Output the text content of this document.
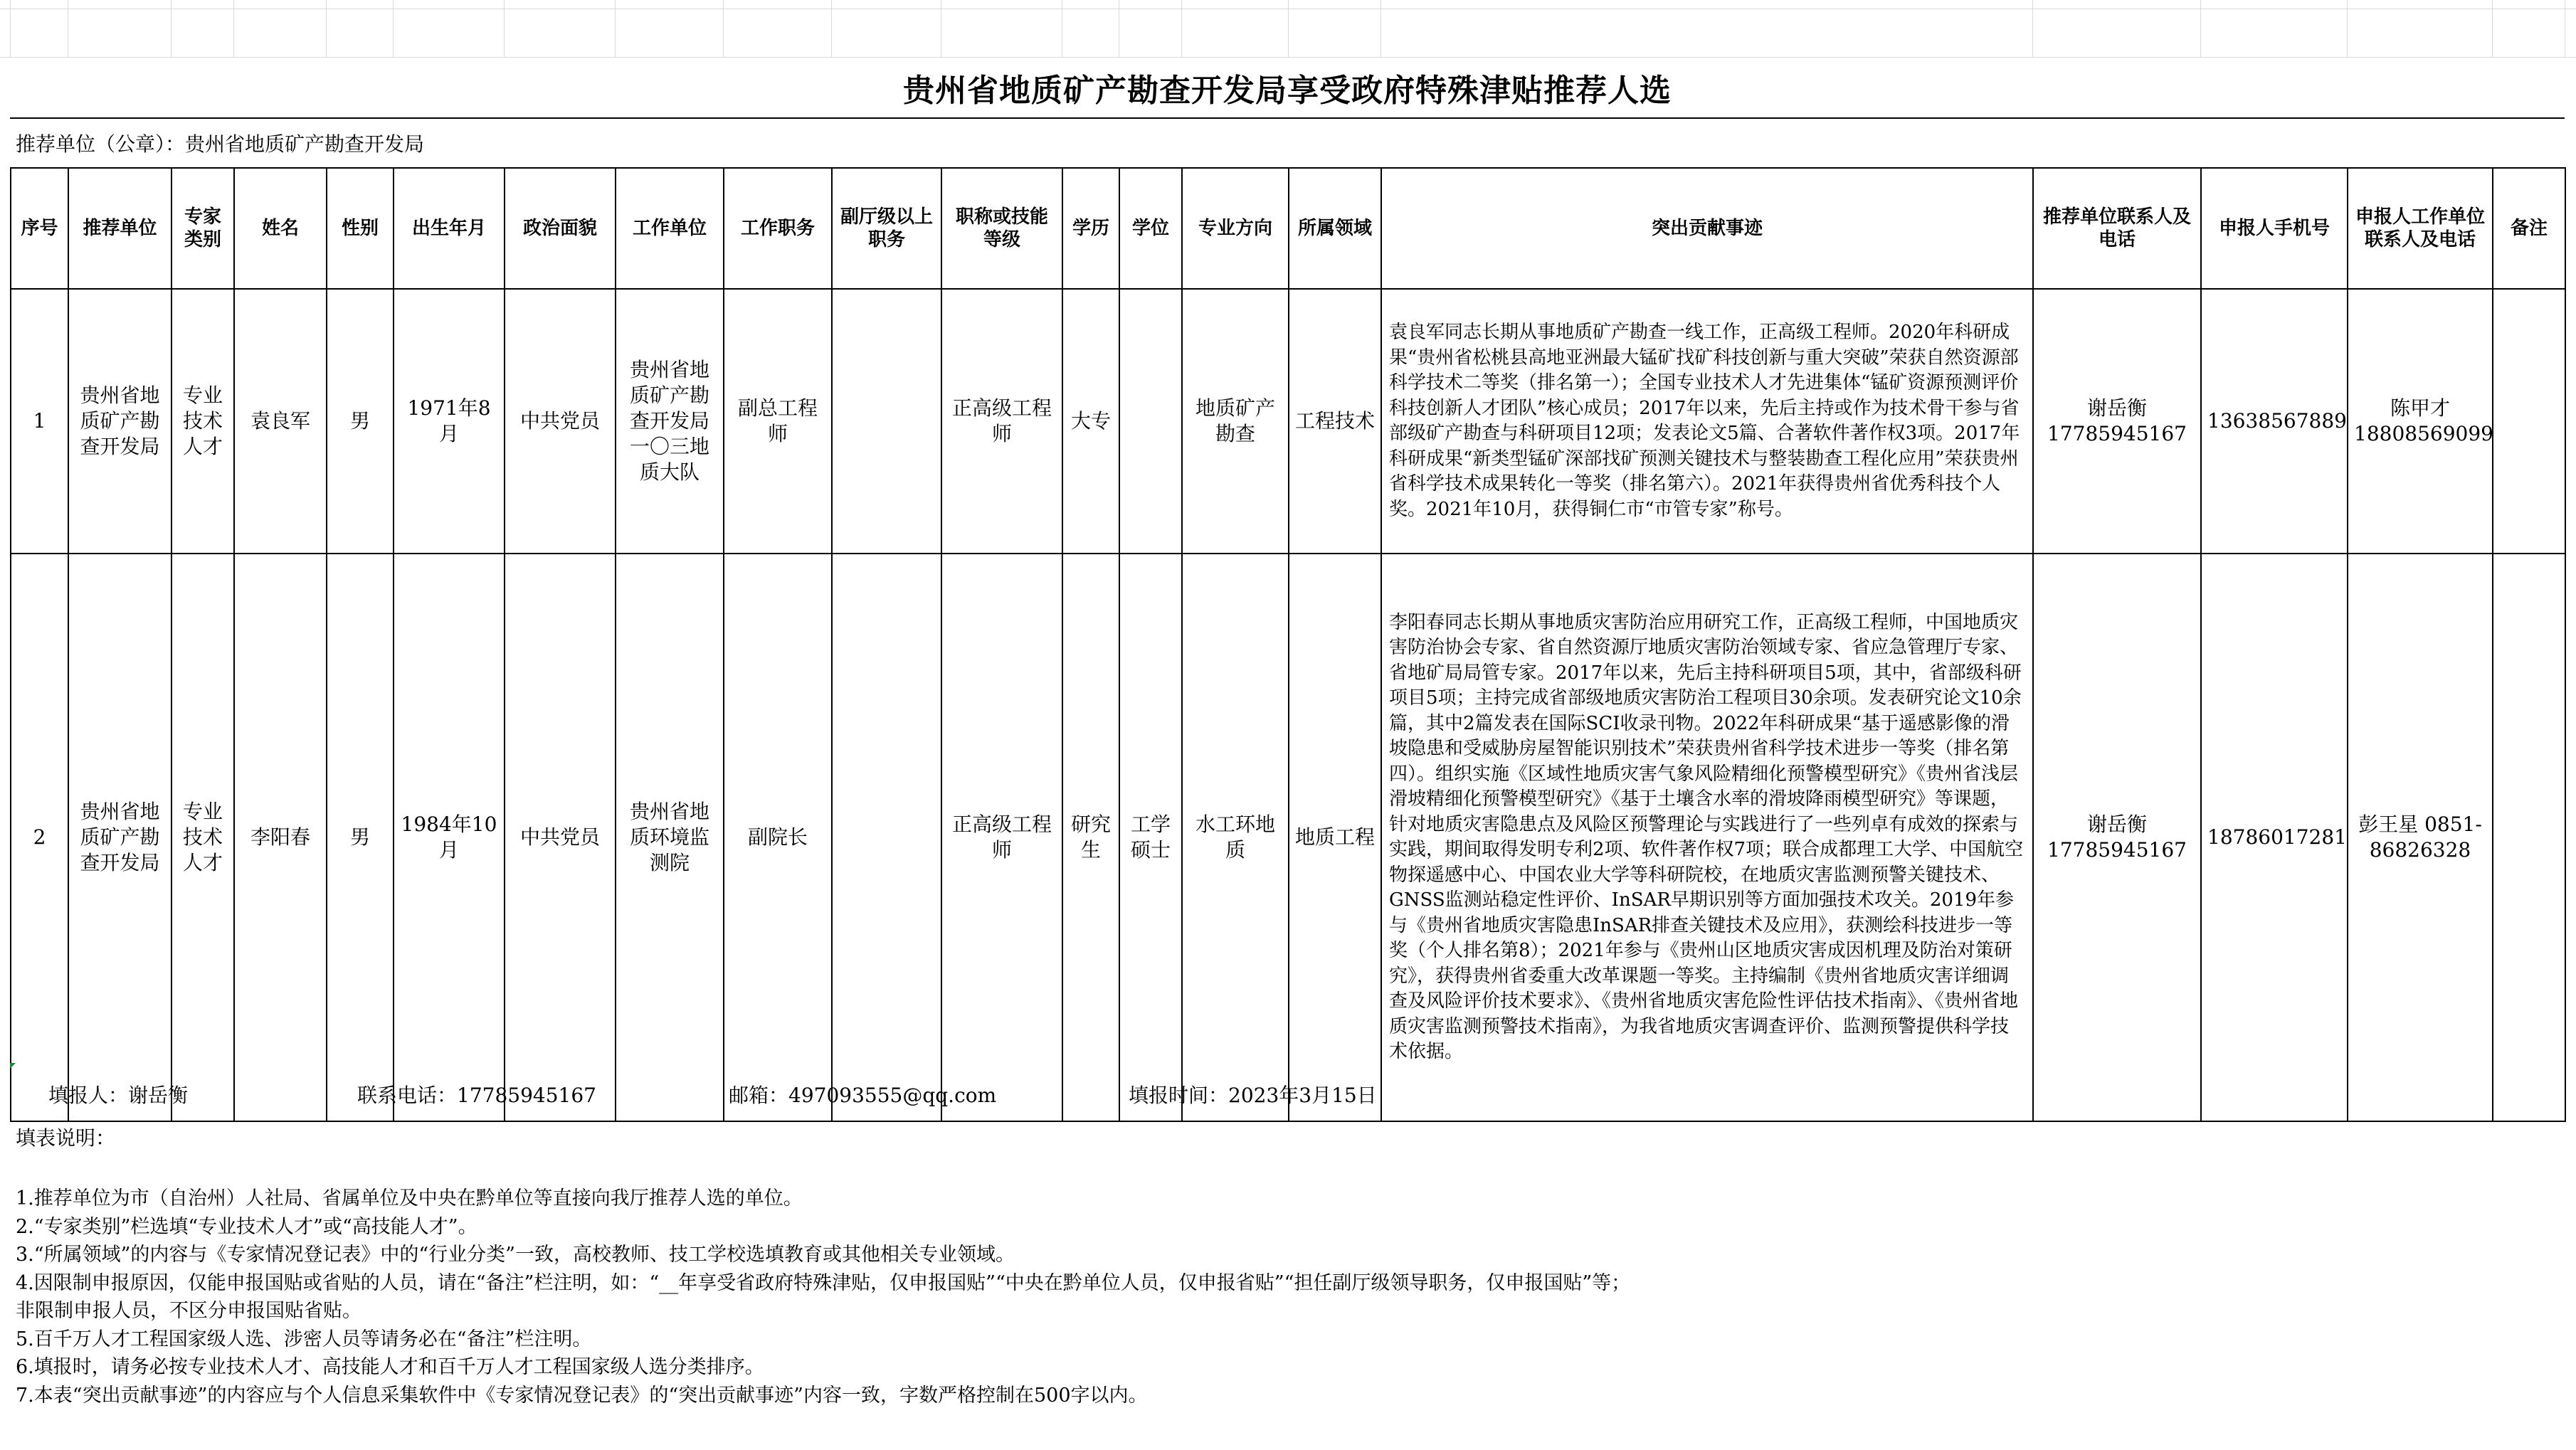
贵州省地质矿产勘查开发局享受政府特殊津贴推荐人选
推荐单位（公章）：贵州省地质矿产勘查开发局
序号	推荐单位	专家类别	姓名	性别	出生年月	政治面貌	工作单位	工作职务	副厅级以上职务	职称或技能等级	学历	学位	专业方向	所属领域	突出贡献事迹	推荐单位联系人及电话	申报人手机号	申报人工作单位联系人及电话	备注
1	贵州省地质矿产勘查开发局	专业技术人才	袁良军	男	1971年8月	中共党员	贵州省地质矿产勘查开发局一〇三地质大队	副总工程师		正高级工程师	大专		地质矿产勘查	工程技术	袁良军同志长期从事地质矿产勘查一线工作，正高级工程师。2020年科研成果“贵州省松桃县高地亚洲最大锰矿找矿科技创新与重大突破”荣获自然资源部科学技术二等奖（排名第一）；全国专业技术人才先进集体“锰矿资源预测评价科技创新人才团队”核心成员；2017年以来，先后主持或作为技术骨干参与省部级矿产勘查与科研项目12项；发表论文5篇、合著软件著作权3项。2017年科研成果“新类型锰矿深部找矿预测关键技术与整装勘查工程化应用”荣获贵州省科学技术成果转化一等奖（排名第六）。2021年获得贵州省优秀科技个人奖。2021年10月，获得铜仁市“市管专家”称号。	谢岳衡 17785945167	13638567889	陈甲才 18808569099	
2	贵州省地质矿产勘查开发局	专业技术人才	李阳春	男	1984年10月	中共党员	贵州省地质环境监测院	副院长		正高级工程师	研究生	工学硕士	水工环地质	地质工程	李阳春同志长期从事地质灾害防治应用研究工作，正高级工程师，中国地质灾害防治协会专家、省自然资源厅地质灾害防治领域专家、省应急管理厅专家、省地矿局局管专家。2017年以来，先后主持科研项目5项，其中，省部级科研项目5项；主持完成省部级地质灾害防治工程项目30余项。发表研究论文10余篇，其中2篇发表在国际SCI收录刊物。2022年科研成果“基于遥感影像的滑坡隐患和受威胁房屋智能识别技术”荣获贵州省科学技术进步一等奖（排名第四）。组织实施《区域性地质灾害气象风险精细化预警模型研究》《贵州省浅层滑坡精细化预警模型研究》《基于土壤含水率的滑坡降雨模型研究》等课题，针对地质灾害隐患点及风险区预警理论与实践进行了一些列卓有成效的探索与实践，期间取得发明专利2项、软件著作权7项；联合成都理工大学、中国航空物探遥感中心、中国农业大学等科研院校，在地质灾害监测预警关键技术、GNSS监测站稳定性评价、InSAR早期识别等方面加强技术攻关。2019年参与《贵州省地质灾害隐患InSAR排查关键技术及应用》，获测绘科技进步一等奖（个人排名第8）；2021年参与《贵州山区地质灾害成因机理及防治对策研究》，获得贵州省委重大改革课题一等奖。主持编制《贵州省地质灾害详细调查及风险评价技术要求》、《贵州省地质灾害危险性评估技术指南》、《贵州省地质灾害监测预警技术指南》，为我省地质灾害调查评价、监测预警提供科学技术依据。	谢岳衡 17785945167	18786017281	彭王星 0851-86826328	
填报人：谢岳衡	联系电话：17785945167	邮箱：497093555@qq.com	填报时间：2023年3月15日
填表说明：
1.推荐单位为市（自治州）人社局、省属单位及中央在黔单位等直接向我厅推荐人选的单位。
2.“专家类别”栏选填“专业技术人才”或“高技能人才”。
3.“所属领域”的内容与《专家情况登记表》中的“行业分类”一致，高校教师、技工学校选填教育或其他相关专业领域。
4.因限制申报原因，仅能申报国贴或省贴的人员，请在“备注”栏注明，如：“__年享受省政府特殊津贴，仅申报国贴”“中央在黔单位人员，仅申报省贴”“担任副厅级领导职务，仅申报国贴”等；
非限制申报人员，不区分申报国贴省贴。
5.百千万人才工程国家级人选、涉密人员等请务必在“备注”栏注明。
6.填报时，请务必按专业技术人才、高技能人才和百千万人才工程国家级人选分类排序。
7.本表“突出贡献事迹”的内容应与个人信息采集软件中《专家情况登记表》的“突出贡献事迹”内容一致，字数严格控制在500字以内。
